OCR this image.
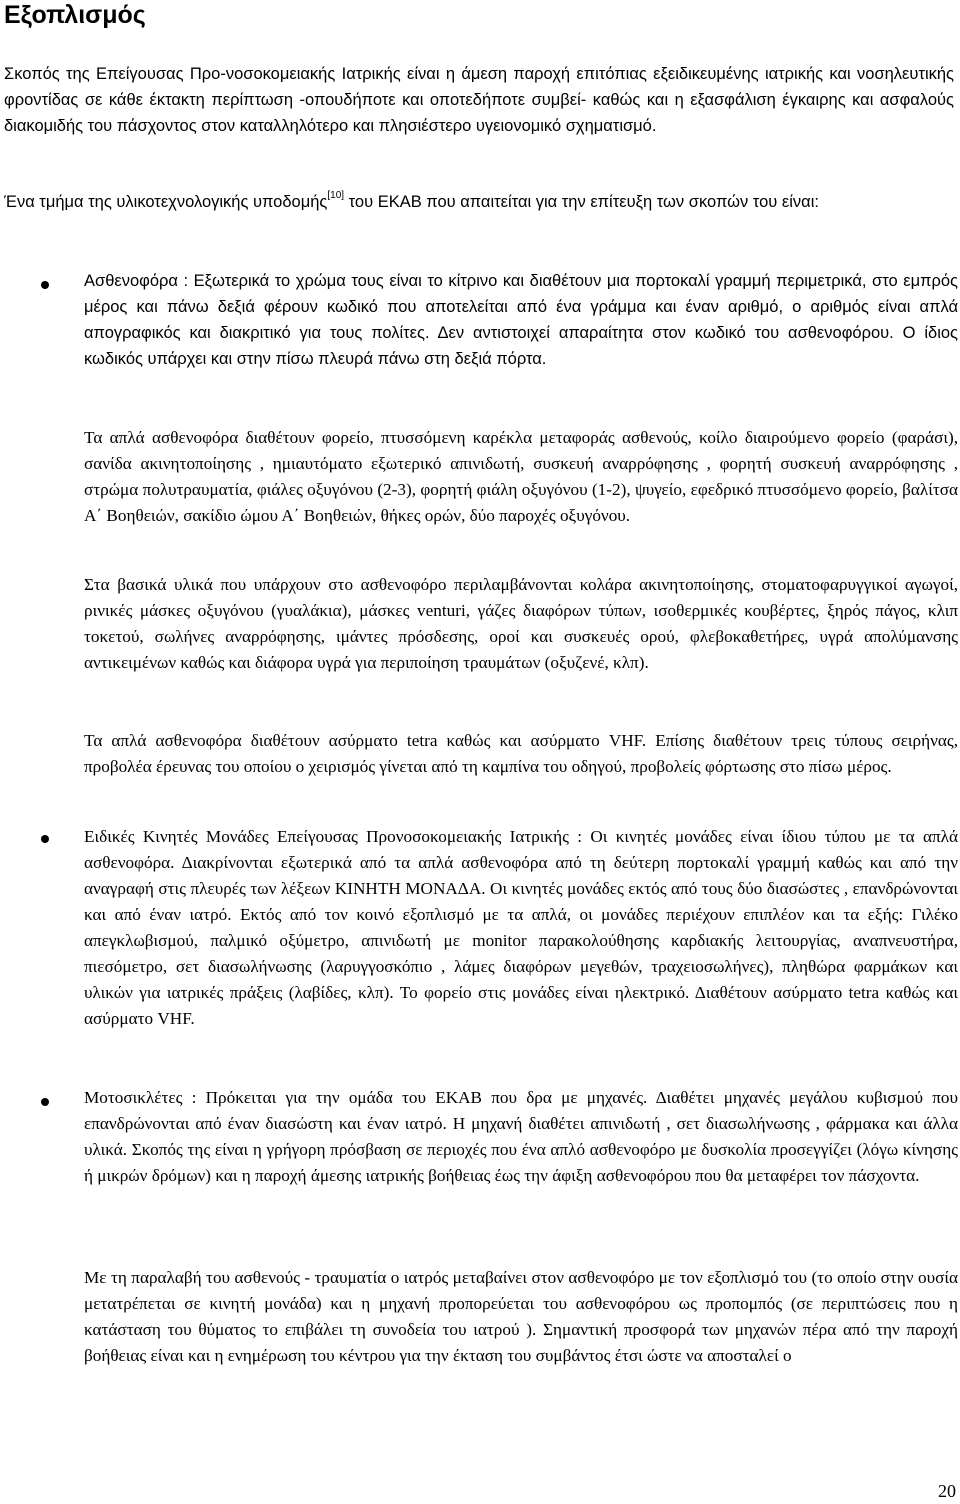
Εξοπλισμός

Σκοπός της Επείγουσας Προ-νοσοκομειακής Ιατρικής είναι η άμεση παροχή επιτόπιας εξειδικευμένης ιατρικής και νοσηλευτικής φροντίδας σε κάθε έκτακτη περίπτωση -οπουδήποτε και οποτεδήποτε συμβεί- καθώς και η εξασφάλιση έγκαιρης και ασφαλούς διακομιδής του πάσχοντος στον καταλληλότερο και πλησιέστερο υγειονομικό σχηματισμό.

Ένα τμήμα της υλικοτεχνολογικής υποδομής[10] του ΕΚΑΒ που απαιτείται για την επίτευξη των σκοπών του είναι:

Ασθενοφόρα : Εξωτερικά το χρώμα τους είναι το κίτρινο και διαθέτουν μια πορτοκαλί γραμμή περιμετρικά, στο εμπρός μέρος και πάνω δεξιά φέρουν κωδικό που αποτελείται από ένα γράμμα και έναν αριθμό, ο αριθμός είναι απλά απογραφικός και διακριτικό για τους πολίτες. Δεν αντιστοιχεί απαραίτητα στον κωδικό του ασθενοφόρου. Ο ίδιος κωδικός υπάρχει και στην πίσω πλευρά πάνω στη δεξιά πόρτα.

Τα απλά ασθενοφόρα διαθέτουν φορείο, πτυσσόμενη καρέκλα μεταφοράς ασθενούς, κοίλο διαιρούμενο φορείο (φαράσι), σανίδα ακινητοποίησης , ημιαυτόματο εξωτερικό απινιδωτή, συσκευή αναρρόφησης , φορητή συσκευή αναρρόφησης , στρώμα πολυτραυματία, φιάλες οξυγόνου (2-3), φορητή φιάλη οξυγόνου (1-2), ψυγείο, εφεδρικό πτυσσόμενο φορείο, βαλίτσα Α΄ Βοηθειών, σακίδιο ώμου Α΄ Βοηθειών, θήκες ορών, δύο παροχές οξυγόνου.

Στα βασικά υλικά που υπάρχουν στο ασθενοφόρο περιλαμβάνονται κολάρα ακινητοποίησης, στοματοφαρυγγικοί αγωγοί, ρινικές μάσκες οξυγόνου (γυαλάκια), μάσκες venturi, γάζες διαφόρων τύπων, ισοθερμικές κουβέρτες, ξηρός πάγος, κλιπ τοκετού, σωλήνες αναρρόφησης, ιμάντες πρόσδεσης, οροί και συσκευές ορού, φλεβοκαθετήρες, υγρά απολύμανσης αντικειμένων καθώς και διάφορα υγρά για περιποίηση τραυμάτων (οξυζενέ, κλπ).

Τα απλά ασθενοφόρα διαθέτουν ασύρματο tetra καθώς και ασύρματο VHF. Επίσης διαθέτουν τρεις τύπους σειρήνας, προβολέα έρευνας του οποίου ο χειρισμός γίνεται από τη καμπίνα του οδηγού, προβολείς φόρτωσης στο πίσω μέρος.

Ειδικές Κινητές Μονάδες Επείγουσας Προνοσοκομειακής Ιατρικής : Οι κινητές μονάδες είναι ίδιου τύπου με τα απλά ασθενοφόρα. Διακρίνονται εξωτερικά από τα απλά ασθενοφόρα από τη δεύτερη πορτοκαλί γραμμή καθώς και από την αναγραφή στις πλευρές των λέξεων ΚΙΝΗΤΗ ΜΟΝΑΔΑ. Οι κινητές μονάδες εκτός από τους δύο διασώστες , επανδρώνονται και από έναν ιατρό. Εκτός από τον κοινό εξοπλισμό με τα απλά, οι μονάδες περιέχουν επιπλέον και τα εξής: Γιλέκο απεγκλωβισμού, παλμικό οξύμετρο, απινιδωτή με monitor παρακολούθησης καρδιακής λειτουργίας, αναπνευστήρα, πιεσόμετρο, σετ διασωλήνωσης (λαρυγγοσκόπιο , λάμες διαφόρων μεγεθών, τραχειοσωλήνες), πληθώρα φαρμάκων και υλικών για ιατρικές πράξεις (λαβίδες, κλπ). Το φορείο στις μονάδες είναι ηλεκτρικό. Διαθέτουν ασύρματο tetra καθώς και ασύρματο VHF.

Μοτοσικλέτες : Πρόκειται για την ομάδα του ΕΚΑΒ που δρα με μηχανές. Διαθέτει μηχανές μεγάλου κυβισμού που επανδρώνονται από έναν διασώστη και έναν ιατρό. Η μηχανή διαθέτει απινιδωτή , σετ διασωλήνωσης , φάρμακα και άλλα υλικά. Σκοπός της είναι η γρήγορη πρόσβαση σε περιοχές που ένα απλό ασθενοφόρο με δυσκολία προσεγγίζει (λόγω κίνησης ή μικρών δρόμων) και η παροχή άμεσης ιατρικής βοήθειας έως την άφιξη ασθενοφόρου που θα μεταφέρει τον πάσχοντα.

Με τη παραλαβή του ασθενούς - τραυματία ο ιατρός μεταβαίνει στον ασθενοφόρο με τον εξοπλισμό του (το οποίο στην ουσία μετατρέπεται σε κινητή μονάδα) και η μηχανή προπορεύεται του ασθενοφόρου ως προπομπός (σε περιπτώσεις που η κατάσταση του θύματος το επιβάλει τη συνοδεία του ιατρού ). Σημαντική προσφορά των μηχανών πέρα από την παροχή βοήθειας είναι και η ενημέρωση του κέντρου για την έκταση του συμβάντος έτσι ώστε να αποσταλεί ο

20
